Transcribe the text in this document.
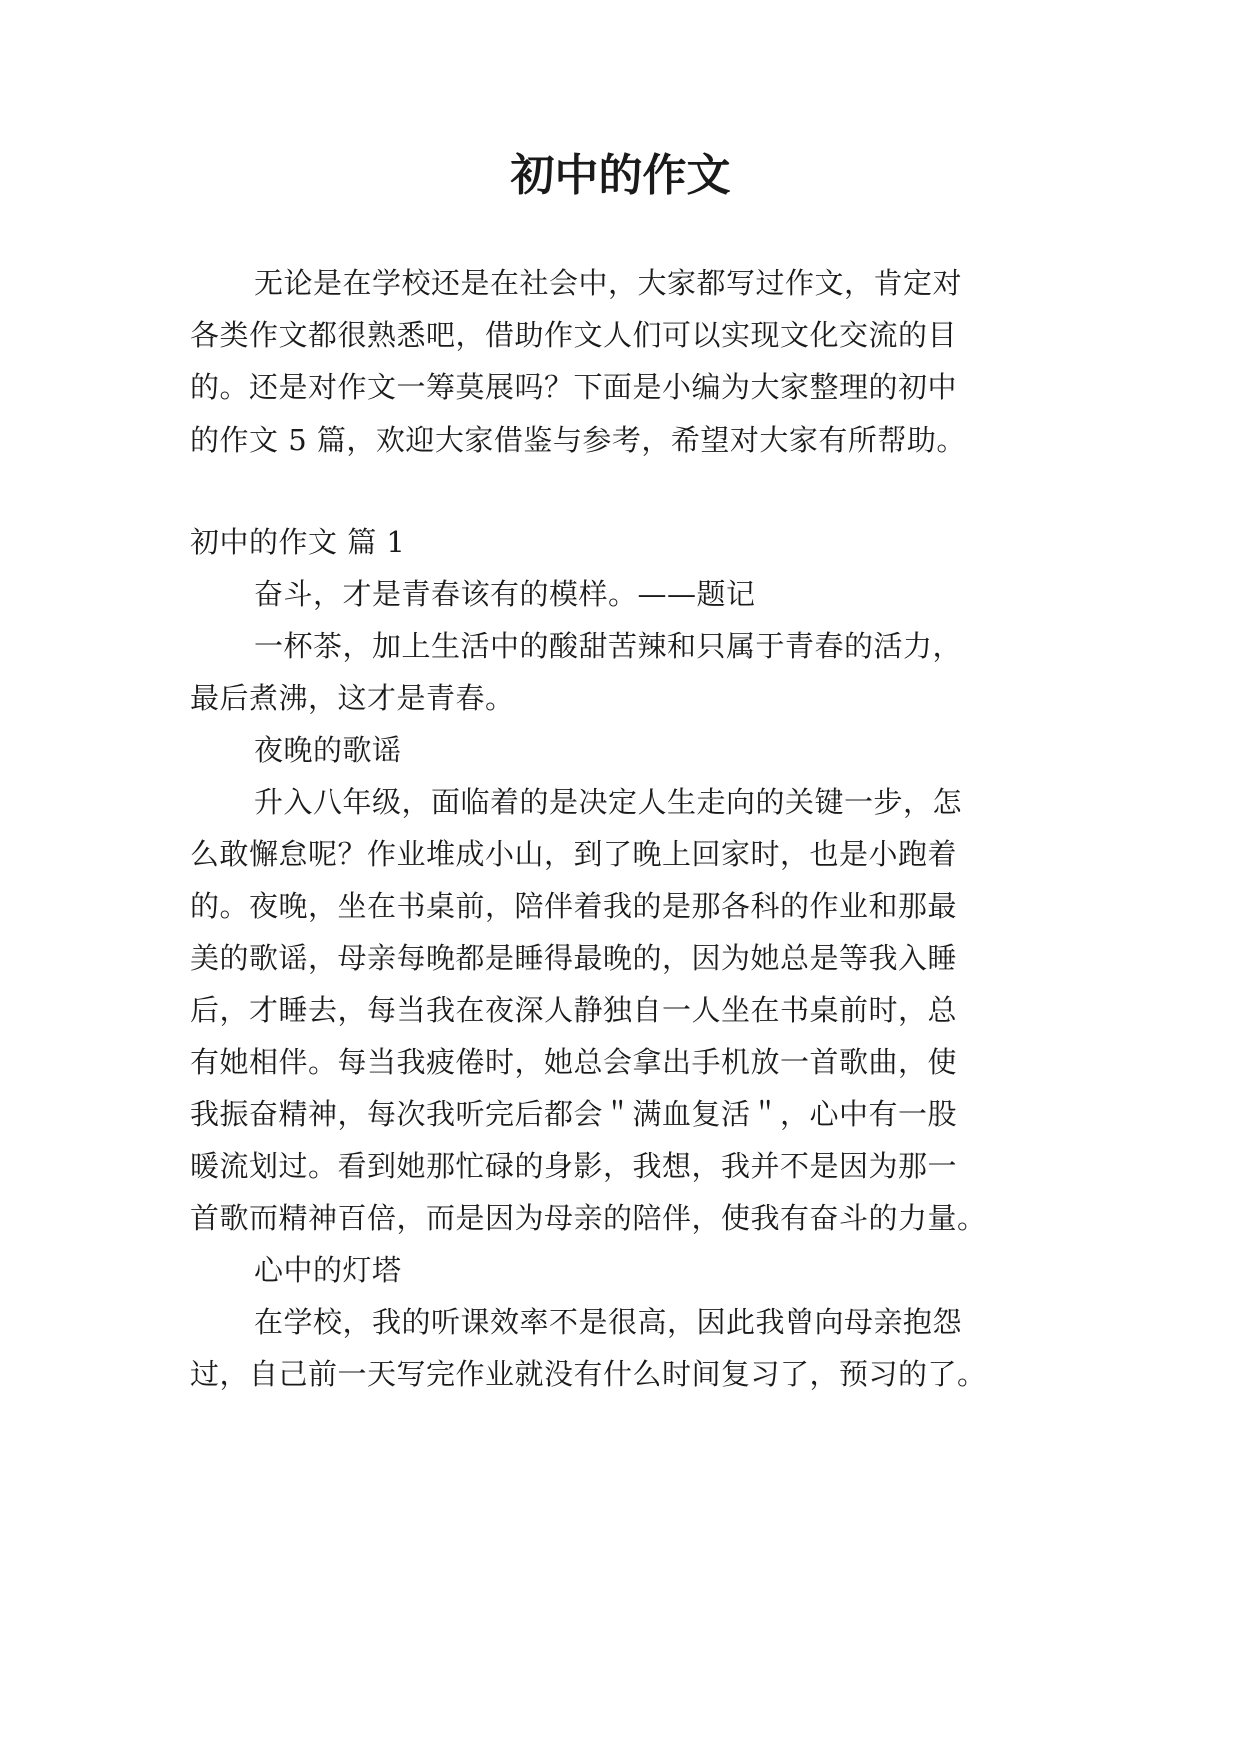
初中的作文
无论是在学校还是在社会中，大家都写过作文，肯定对
各类作文都很熟悉吧，借助作文人们可以实现文化交流的目
的。还是对作文一筹莫展吗？下面是小编为大家整理的初中
的作文 5 篇，欢迎大家借鉴与参考，希望对大家有所帮助。
初中的作文 篇 1
奋斗，才是青春该有的模样。——题记
一杯茶，加上生活中的酸甜苦辣和只属于青春的活力，
最后煮沸，这才是青春。
夜晚的歌谣
升入八年级，面临着的是决定人生走向的关键一步，怎
么敢懈怠呢？作业堆成小山，到了晚上回家时，也是小跑着
的。夜晚，坐在书桌前，陪伴着我的是那各科的作业和那最
美的歌谣，母亲每晚都是睡得最晚的，因为她总是等我入睡
后，才睡去，每当我在夜深人静独自一人坐在书桌前时，总
有她相伴。每当我疲倦时，她总会拿出手机放一首歌曲，使
我振奋精神，每次我听完后都会＂满血复活＂，心中有一股
暖流划过。看到她那忙碌的身影，我想，我并不是因为那一
首歌而精神百倍，而是因为母亲的陪伴，使我有奋斗的力量。
心中的灯塔
在学校，我的听课效率不是很高，因此我曾向母亲抱怨
过，自己前一天写完作业就没有什么时间复习了，预习的了。
